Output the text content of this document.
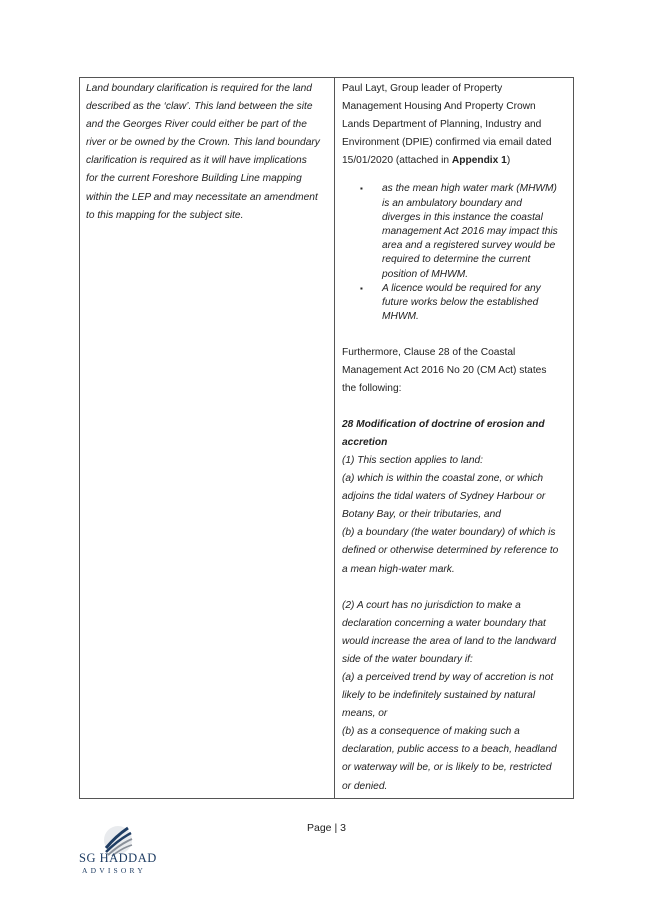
Land boundary clarification is required for the land
described as the ‘claw’. This land between the site
and the Georges River could either be part of the
river or be owned by the Crown. This land boundary
clarification is required as it will have implications
for the current Foreshore Building Line mapping
within the LEP and may necessitate an amendment
to this mapping for the subject site.
Paul Layt, Group leader of Property
Management Housing And Property Crown
Lands Department of Planning, Industry and
Environment (DPIE) confirmed via email dated
15/01/2020 (attached in Appendix 1)
▪ as the mean high water mark (MHWM)
is an ambulatory boundary and
diverges in this instance the coastal
management Act 2016 may impact this
area and a registered survey would be
required to determine the current
position of MHWM.
▪ A licence would be required for any
future works below the established
MHWM.
Furthermore, Clause 28 of the Coastal
Management Act 2016 No 20 (CM Act) states
the following:
28 Modification of doctrine of erosion and
accretion
(1) This section applies to land:
(a) which is within the coastal zone, or which
adjoins the tidal waters of Sydney Harbour or
Botany Bay, or their tributaries, and
(b) a boundary (the water boundary) of which is
defined or otherwise determined by reference to
a mean high-water mark.
(2) A court has no jurisdiction to make a
declaration concerning a water boundary that
would increase the area of land to the landward
side of the water boundary if:
(a) a perceived trend by way of accretion is not
likely to be indefinitely sustained by natural
means, or
(b) as a consequence of making such a
declaration, public access to a beach, headland
or waterway will be, or is likely to be, restricted
or denied.
Page | 3
SG HADDAD
ADVISORY
